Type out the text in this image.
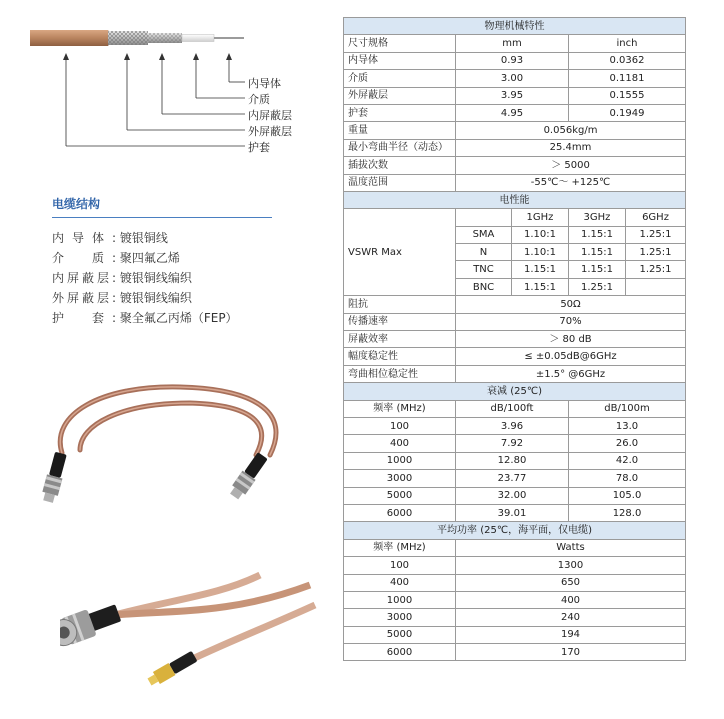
内导体
介质
内屏蔽层
外屏蔽层
护套
电缆结构
内导体: 镀银铜线
介　质: 聚四氟乙烯
内屏蔽层: 镀银铜线编织
外屏蔽层: 镀银铜线编织
护　套: 聚全氟乙丙烯（FEP）
物理机械特性				
尺寸规格	mm		inch	
内导体	0.93		0.0362	
介质	3.00		0.1181	
外屏蔽层	3.95		0.1555	
护套	4.95		0.1949	
重量	0.056kg/m			
最小弯曲半径（动态）	25.4mm			
插拔次数	＞ 5000			
温度范围	-55℃～ +125℃			
电性能				
VSWR Max		1GHz	3GHz	6GHz
	SMA	1.10:1	1.15:1	1.25:1
	N	1.10:1	1.15:1	1.25:1
	TNC	1.15:1	1.15:1	1.25:1
	BNC	1.15:1	1.25:1	
阻抗	50Ω			
传播速率	70%			
屏蔽效率	＞ 80 dB			
幅度稳定性	≤ ±0.05dB@6GHz			
弯曲相位稳定性	±1.5° @6GHz			
衰减 (25℃)				
频率 (MHz)	dB/100ft		dB/100m	
100	3.96		13.0	
400	7.92		26.0	
1000	12.80		42.0	
3000	23.77		78.0	
5000	32.00		105.0	
6000	39.01		128.0	
平均功率 (25℃，海平面，仅电缆)				
频率 (MHz)	Watts			
100	1300			
400	650			
1000	400			
3000	240			
5000	194			
6000	170			
